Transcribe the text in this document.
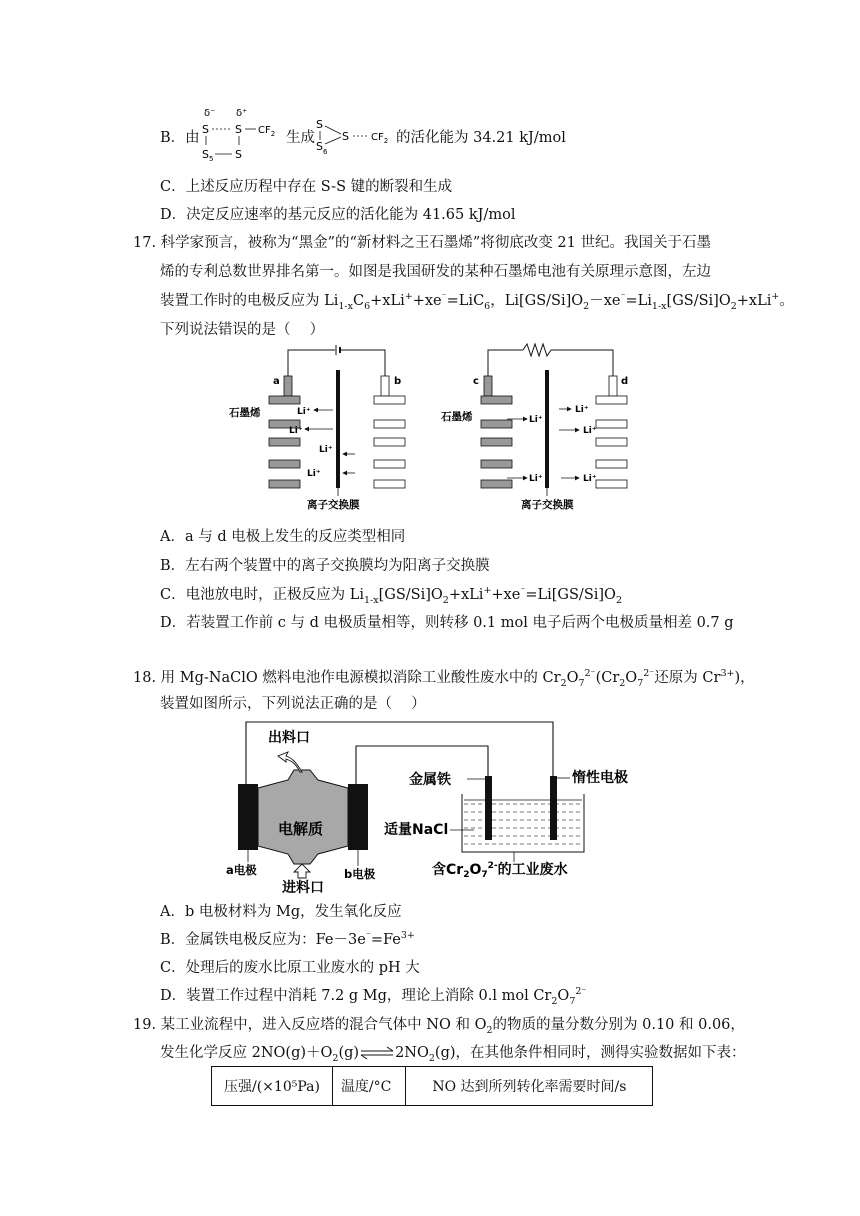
B．由
δ⁻ δ⁺
S S $CF_2$
$S_5$ S
生成
S
$S_6$
S $CF_2$ 的活化能为 34.21 kJ/mol
C．上述反应历程中存在 S-S 键的断裂和生成
D．决定反应速率的基元反应的活化能为 41.65 kJ/mol
17. 科学家预言，被称为“黑金”的“新材料之王石墨烯”将彻底改变 21 世纪。我国关于石墨
烯的专利总数世界排名第一。如图是我国研发的某种石墨烯电池有关原理示意图，左边
装置工作时的电极反应为 $Li_{1-x}C_6+xLi^++xe^{^-}=LiC_6$，$Li[GS/Si]O_2-xe^{^-}=Li_{1-x}[GS/Si]O_2+xLi^+$。
下列说法错误的是（　 ）
a	b
石墨烯	Li⁺
Li⁺
Li⁺
Li⁺
离子交换膜
c	d
石墨烯	Li⁺
Li⁺
Li⁺
Li⁺
Li⁺
离子交换膜
A．a 与 d 电极上发生的反应类型相同
B．左右两个装置中的离子交换膜均为阳离子交换膜
C．电池放电时，正极反应为 $Li_{1-x}[GS/Si]O_2+xLi^++xe^{^-}=Li[GS/Si]O_2$
D．若装置工作前 c 与 d 电极质量相等，则转移 0.1 mol 电子后两个电极质量相差 0.7 g
18. 用 Mg-NaClO 燃料电池作电源模拟消除工业酸性废水中的 $Cr_2O_7^{2^-}(Cr_2O_7^{2^-}$还原为 $Cr^{3+}$)，
装置如图所示，下列说法正确的是（　 ）
电解质
出料口
进料口
a电极	b电极
金属铁	惰性电极
适量NaCl
含$Cr_2O_7^{2-}$的工业废水
A．b 电极材料为 Mg，发生氧化反应
B．金属铁电极反应为：$Fe-3e^{^-}=Fe^{3+}$
C．处理后的废水比原工业废水的 pH 大
D．装置工作过程中消耗 7.2 g Mg，理论上消除 0.l mol $Cr_2O_7^{2^-}$
19. 某工业流程中，进入反应塔的混合气体中 NO 和 $O_2$的物质的量分数分别为 0.10 和 0.06，
发生化学反应 $2NO(g)+O_2(g)\rightleftharpoons 2NO_2(g)$，在其他条件相同时，测得实验数据如下表：
压强/(×10⁵Pa)	温度/°C	NO 达到所列转化率需要时间/s
